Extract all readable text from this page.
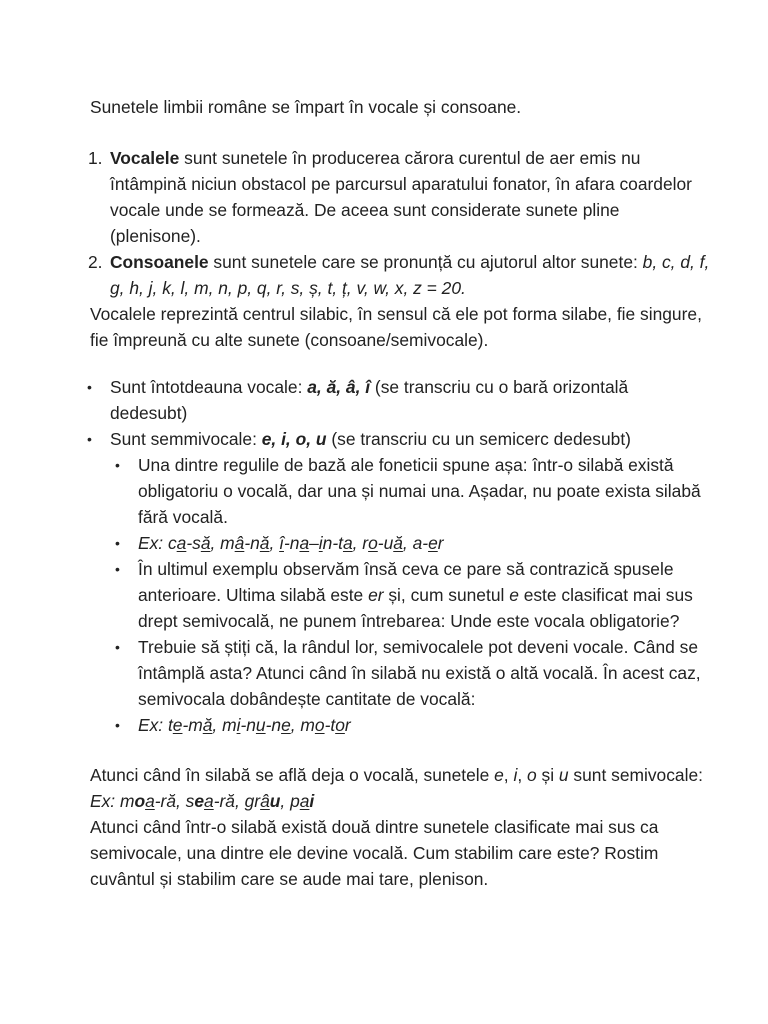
Sunetele limbii române se împart în vocale și consoane.

1. Vocalele sunt sunetele în producerea cărora curentul de aer emis nu întâmpină niciun obstacol pe parcursul aparatului fonator, în afara coardelor vocale unde se formează. De aceea sunt considerate sunete pline (plenisone).

2. Consoanele sunt sunetele care se pronunță cu ajutorul altor sunete: b, c, d, f, g, h, j, k, l, m, n, p, q, r, s, ș, t, ț, v, w, x, z = 20.

Vocalele reprezintă centrul silabic, în sensul că ele pot forma silabe, fie singure, fie împreună cu alte sunete (consoane/semivocale).

• Sunt întotdeauna vocale: a, ă, â, î (se transcriu cu o bară orizontală dedesubt)

• Sunt semmivocale: e, i, o, u (se transcriu cu un semicerc dedesubt)

• Una dintre regulile de bază ale foneticii spune așa: într-o silabă există obligatoriu o vocală, dar una și numai una. Așadar, nu poate exista silabă fără vocală.

• Ex: ca-să, mâ-nă, î-na–in-ta, ro-uă, a-er

• În ultimul exemplu observăm însă ceva ce pare să contrazică spusele anterioare. Ultima silabă este er și, cum sunetul e este clasificat mai sus drept semivocală, ne punem întrebarea: Unde este vocala obligatorie?

• Trebuie să știți că, la rândul lor, semivocalele pot deveni vocale. Când se întâmplă asta? Atunci când în silabă nu există o altă vocală. În acest caz, semivocala dobândește cantitate de vocală:

• Ex: te-mă, mi-nu-ne, mo-tor

Atunci când în silabă se află deja o vocală, sunetele e, i, o și u sunt semivocale:

Ex: moa-ră, sea-ră, grâu, pai

Atunci când într-o silabă există două dintre sunetele clasificate mai sus ca semivocale, una dintre ele devine vocală. Cum stabilim care este? Rostim cuvântul și stabilim care se aude mai tare, plenison.
